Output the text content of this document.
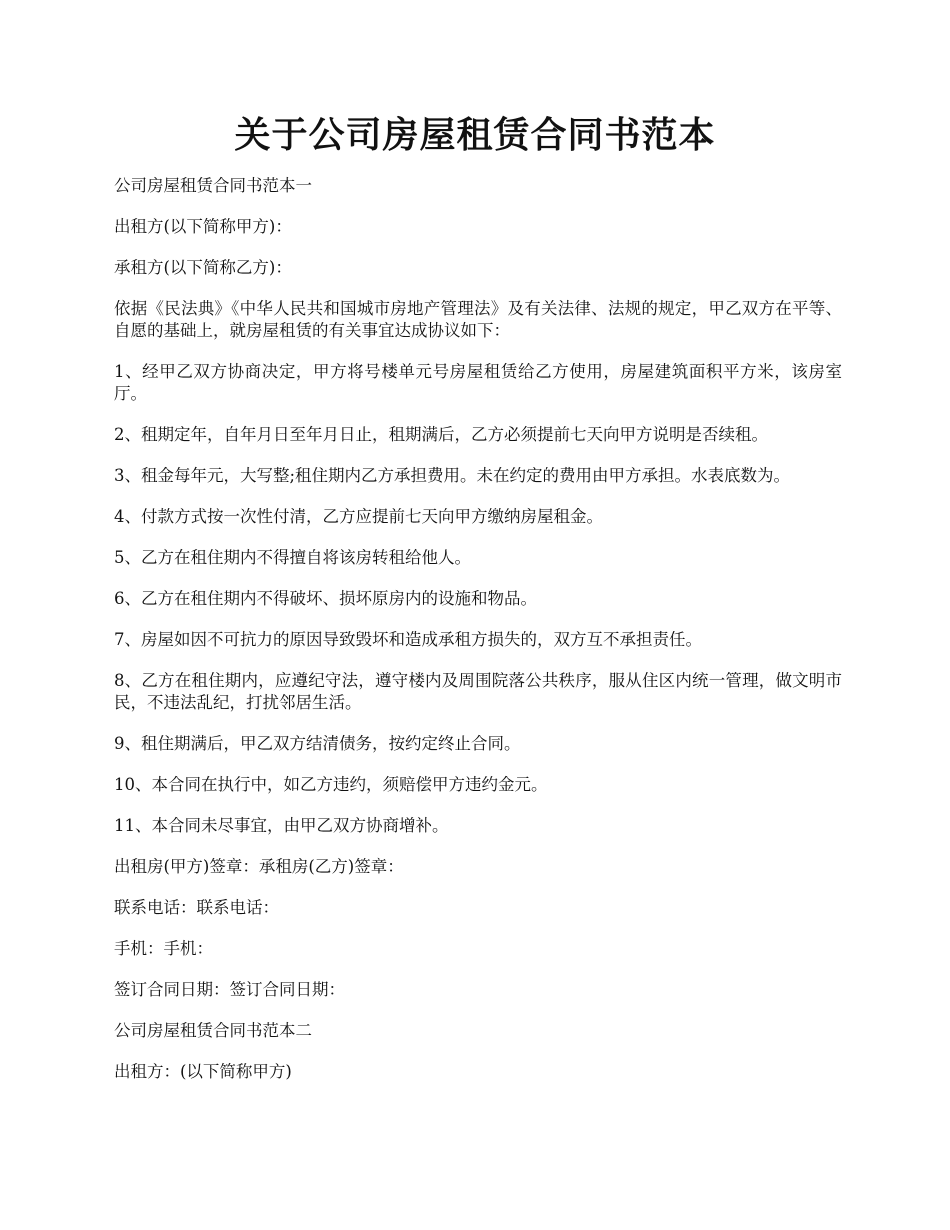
关于公司房屋租赁合同书范本

公司房屋租赁合同书范本一

出租方(以下简称甲方)：

承租方(以下简称乙方)：

依据《民法典》《中华人民共和国城市房地产管理法》及有关法律、法规的规定，甲乙双方在平等、自愿的基础上，就房屋租赁的有关事宜达成协议如下：

1、经甲乙双方协商决定，甲方将号楼单元号房屋租赁给乙方使用，房屋建筑面积平方米，该房室厅。

2、租期定年，自年月日至年月日止，租期满后，乙方必须提前七天向甲方说明是否续租。

3、租金每年元，大写整;租住期内乙方承担费用。未在约定的费用由甲方承担。水表底数为。

4、付款方式按一次性付清，乙方应提前七天向甲方缴纳房屋租金。

5、乙方在租住期内不得擅自将该房转租给他人。

6、乙方在租住期内不得破坏、损坏原房内的设施和物品。

7、房屋如因不可抗力的原因导致毁坏和造成承租方损失的，双方互不承担责任。

8、乙方在租住期内，应遵纪守法，遵守楼内及周围院落公共秩序，服从住区内统一管理，做文明市民，不违法乱纪，打扰邻居生活。

9、租住期满后，甲乙双方结清债务，按约定终止合同。

10、本合同在执行中，如乙方违约，须赔偿甲方违约金元。

11、本合同未尽事宜，由甲乙双方协商增补。

出租房(甲方)签章：承租房(乙方)签章：

联系电话：联系电话：

手机：手机：

签订合同日期：签订合同日期：

公司房屋租赁合同书范本二

出租方：(以下简称甲方)
